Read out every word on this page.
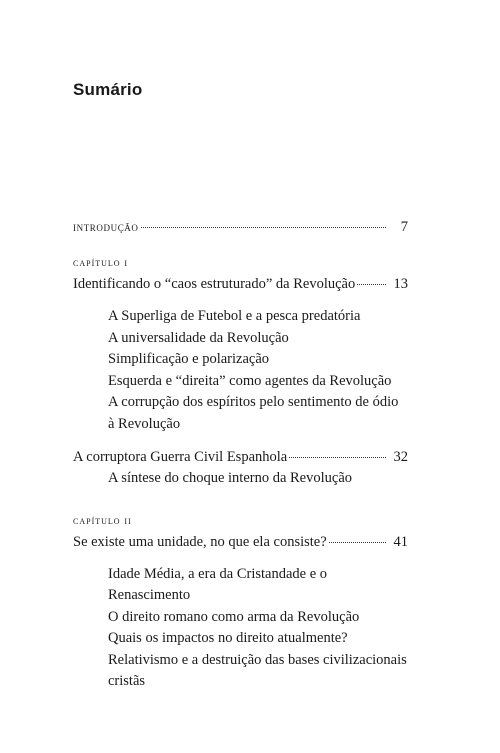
Sumário
introdução	7
capítulo i
Identificando o “caos estruturado” da Revolução	13
A Superliga de Futebol e a pesca predatória
A universalidade da Revolução
Simplificação e polarização
Esquerda e “direita” como agentes da Revolução
A corrupção dos espíritos pelo sentimento de ódio
à Revolução
A corruptora Guerra Civil Espanhola	32
A síntese do choque interno da Revolução
capítulo ii
Se existe uma unidade, no que ela consiste?	41
Idade Média, a era da Cristandade e o Renascimento
O direito romano como arma da Revolução
Quais os impactos no direito atualmente?
Relativismo e a destruição das bases civilizacionais
cristãs
